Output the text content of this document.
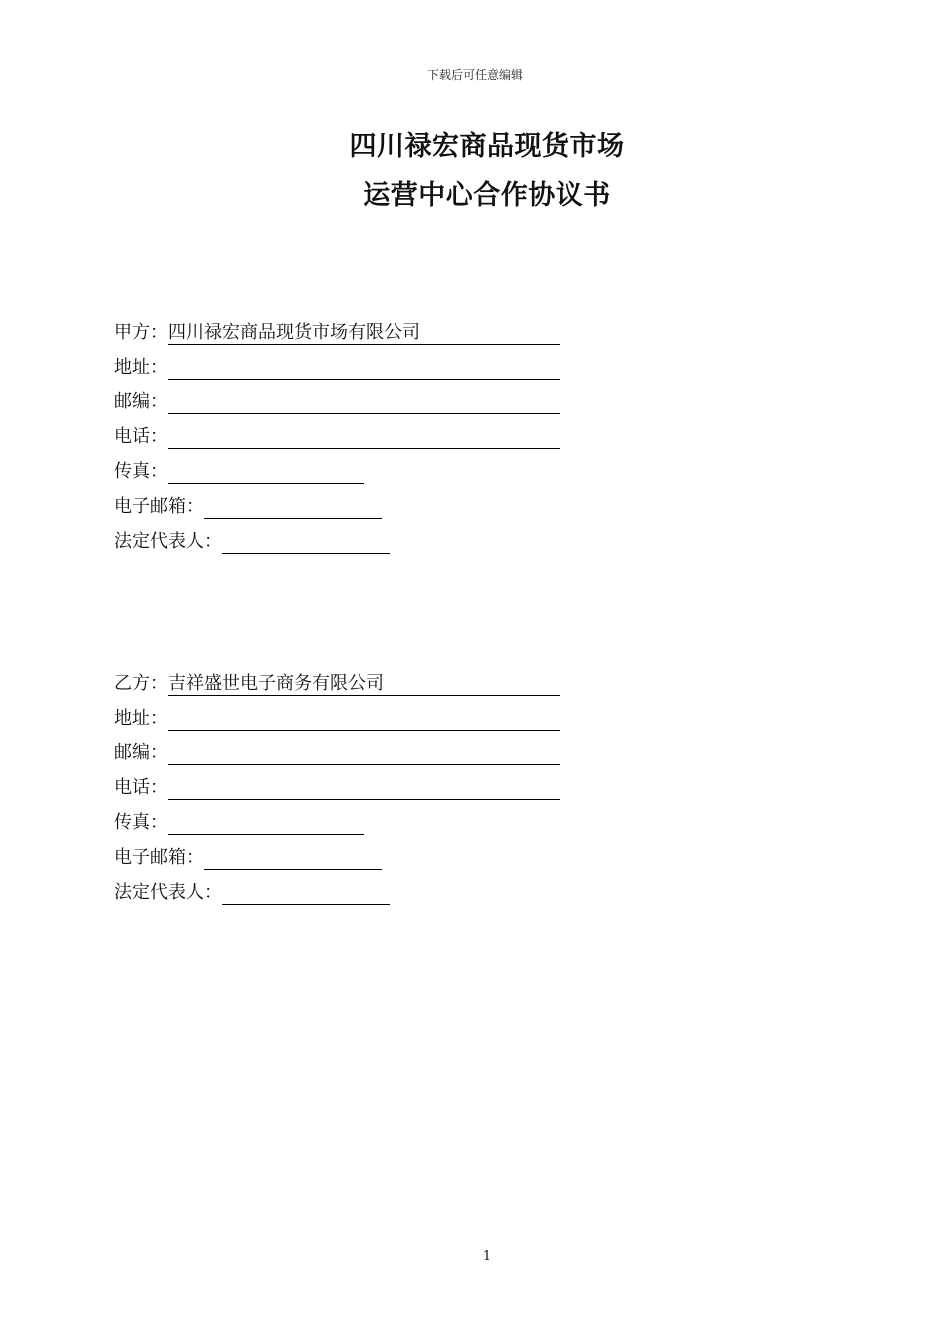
下载后可任意编辑
四川禄宏商品现货市场
运营中心合作协议书
甲方： 四川禄宏商品现货市场有限公司
地址：
邮编：
电话：
传真：
电子邮箱：
法定代表人：
乙方： 吉祥盛世电子商务有限公司
地址：
邮编：
电话：
传真：
电子邮箱：
法定代表人：
1
